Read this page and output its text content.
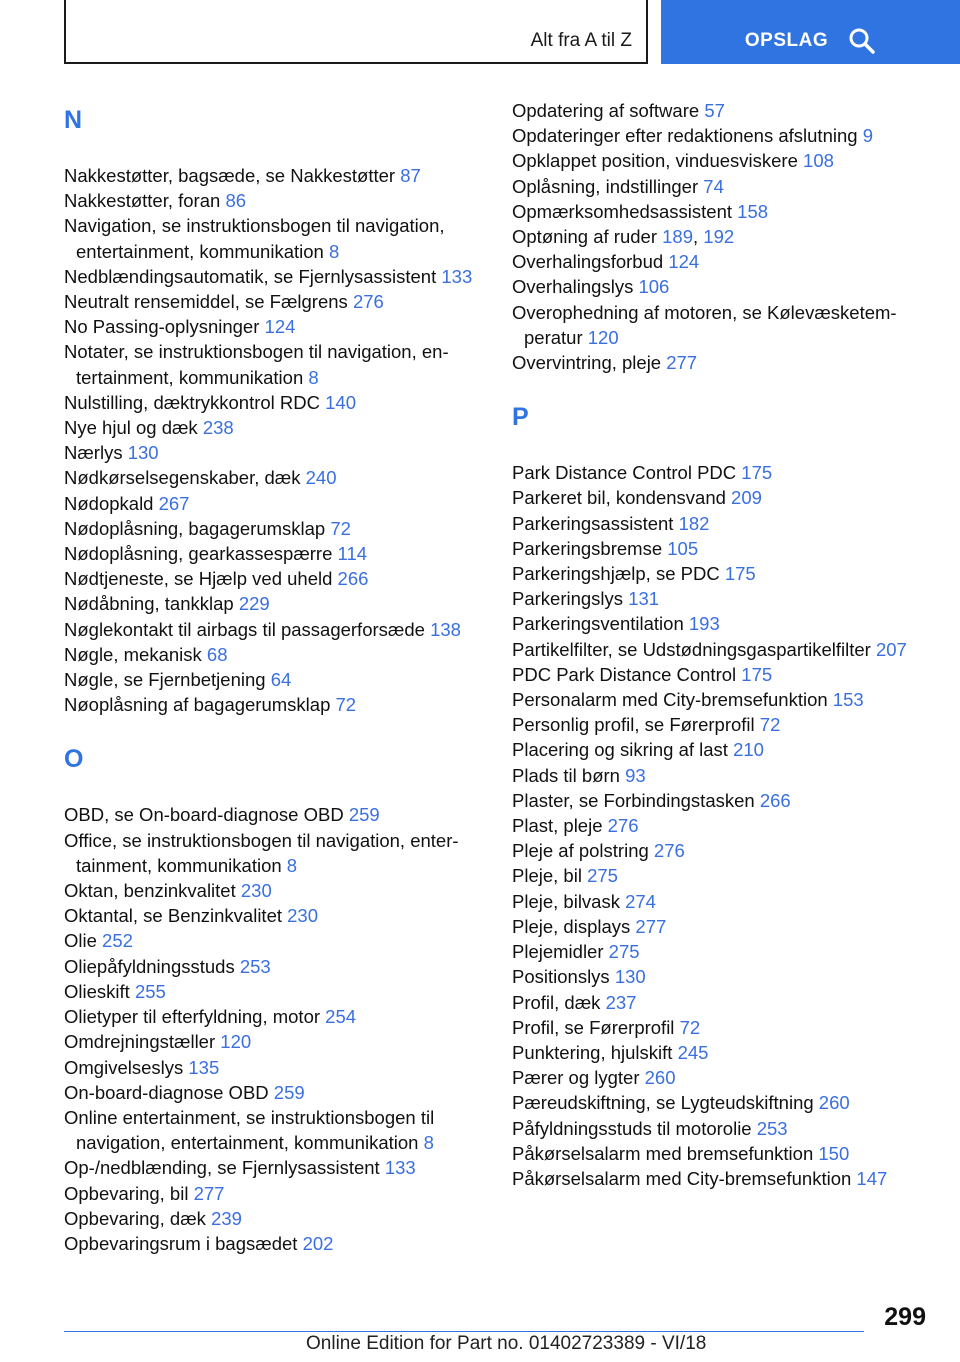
Alt fra A til Z	OPSLAG
N
Nakkestøtter, bagsæde, se Nakkestøtter 87
Nakkestøtter, foran 86
Navigation, se instruktionsbogen til navigation, entertainment, kommunikation 8
Nedblændingsautomatik, se Fjernlysassistent 133
Neutralt rensemiddel, se Fælgrens 276
No Passing-oplysninger 124
Notater, se instruktionsbogen til navigation, entertainment, kommunikation 8
Nulstilling, dæktrykkontrol RDC 140
Nye hjul og dæk 238
Nærlys 130
Nødkørselsegenskaber, dæk 240
Nødopkald 267
Nødoplåsning, bagagerumsklap 72
Nødoplåsning, gearkassespærre 114
Nødtjeneste, se Hjælp ved uheld 266
Nødåbning, tankklap 229
Nøglekontakt til airbags til passagerforsæde 138
Nøgle, mekanisk 68
Nøgle, se Fjernbetjening 64
Nøoplåsning af bagagerumsklap 72
O
OBD, se On-board-diagnose OBD 259
Office, se instruktionsbogen til navigation, entertainment, kommunikation 8
Oktan, benzinkvalitet 230
Oktantal, se Benzinkvalitet 230
Olie 252
Oliepåfyldningsstuds 253
Olieskift 255
Olietyper til efterfyldning, motor 254
Omdrejningstæller 120
Omgivelseslys 135
On-board-diagnose OBD 259
Online entertainment, se instruktionsbogen til navigation, entertainment, kommunikation 8
Op-/nedblænding, se Fjernlysassistent 133
Opbevaring, bil 277
Opbevaring, dæk 239
Opbevaringsrum i bagsædet 202
Opdatering af software 57
Opdateringer efter redaktionens afslutning 9
Opklappet position, vinduesviskere 108
Oplåsning, indstillinger 74
Opmærksomhedsassistent 158
Optøning af ruder 189, 192
Overhalingsforbud 124
Overhalingslys 106
Overophedning af motoren, se Kølevæsketemperatur 120
Overvintring, pleje 277
P
Park Distance Control PDC 175
Parkeret bil, kondensvand 209
Parkeringsassistent 182
Parkeringsbremse 105
Parkeringshjælp, se PDC 175
Parkeringslys 131
Parkeringsventilation 193
Partikelfilter, se Udstødningsgaspartikelfilter 207
PDC Park Distance Control 175
Personalarm med City-bremsefunktion 153
Personlig profil, se Førerprofil 72
Placering og sikring af last 210
Plads til børn 93
Plaster, se Forbindingstasken 266
Plast, pleje 276
Pleje af polstring 276
Pleje, bil 275
Pleje, bilvask 274
Pleje, displays 277
Plejemidler 275
Positionslys 130
Profil, dæk 237
Profil, se Førerprofil 72
Punktering, hjulskift 245
Pærer og lygter 260
Pæreudskiftning, se Lygteudskiftning 260
Påfyldningsstuds til motorolie 253
Påkørselsalarm med bremsefunktion 150
Påkørselsalarm med City-bremsefunktion 147
299
Online Edition for Part no. 01402723389 - VI/18
